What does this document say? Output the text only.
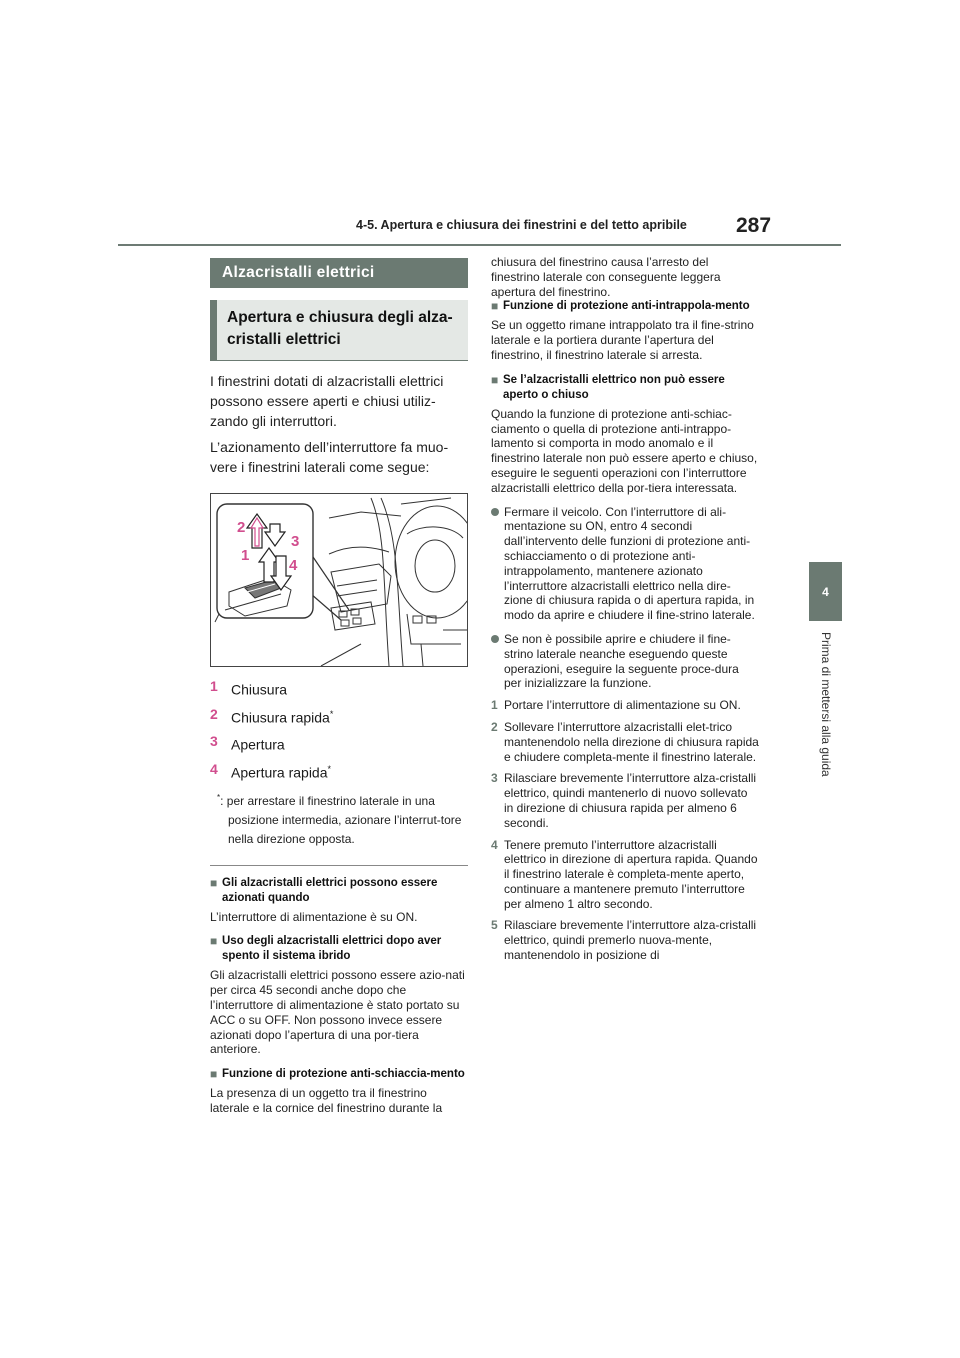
4-5. Apertura e chiusura dei finestrini e del tetto apribile 287
4
Prima di mettersi alla guida
Alzacristalli elettrici
Apertura e chiusura degli alza-cristalli elettrici

I finestrini dotati di alzacristalli elettrici possono essere aperti e chiusi utiliz-zando gli interruttori.

L’azionamento dell’interruttore fa muo-vere i finestrini laterali come segue:

2
3
1
4
1 Chiusura
2 Chiusura rapida*
3 Apertura
4 Apertura rapida*
*: per arrestare il finestrino laterale in una posizione intermedia, azionare l’interrut-tore nella direzione opposta.
■ Gli alzacristalli elettrici possono essere azionati quando
L’interruttore di alimentazione è su ON.
■ Uso degli alzacristalli elettrici dopo aver spento il sistema ibrido
Gli alzacristalli elettrici possono essere azio-nati per circa 45 secondi anche dopo che l’interruttore di alimentazione è stato portato su ACC o su OFF. Non possono invece essere azionati dopo l’apertura di una por-tiera anteriore.
■ Funzione di protezione anti-schiaccia-mento
La presenza di un oggetto tra il finestrino laterale e la cornice del finestrino durante la
chiusura del finestrino causa l’arresto del finestrino laterale con conseguente leggera apertura del finestrino.
■ Funzione di protezione anti-intrappola-mento
Se un oggetto rimane intrappolato tra il fine-strino laterale e la portiera durante l’apertura del finestrino, il finestrino laterale si arresta.
■ Se l’alzacristalli elettrico non può essere aperto o chiuso
Quando la funzione di protezione anti-schiac-ciamento o quella di protezione anti-intrappo-lamento si comporta in modo anomalo e il finestrino laterale non può essere aperto e chiuso, eseguire le seguenti operazioni con l’interruttore alzacristalli elettrico della por-tiera interessata.
Fermare il veicolo. Con l’interruttore di ali-mentazione su ON, entro 4 secondi dall’intervento delle funzioni di protezione anti-schiacciamento o di protezione anti-intrappolamento, mantenere azionato l’interruttore alzacristalli elettrico nella dire-zione di chiusura rapida o di apertura rapida, in modo da aprire e chiudere il fine-strino laterale.
Se non è possibile aprire e chiudere il fine-strino laterale neanche eseguendo queste operazioni, eseguire la seguente proce-dura per inizializzare la funzione.
1 Portare l’interruttore di alimentazione su ON.
2 Sollevare l’interruttore alzacristalli elet-trico mantenendolo nella direzione di chiusura rapida e chiudere completa-mente il finestrino laterale.
3 Rilasciare brevemente l’interruttore alza-cristalli elettrico, quindi mantenerlo di nuovo sollevato in direzione di chiusura rapida per almeno 6 secondi.
4 Tenere premuto l’interruttore alzacristalli elettrico in direzione di apertura rapida. Quando il finestrino laterale è completa-mente aperto, continuare a mantenere premuto l’interruttore per almeno 1 altro secondo.
5 Rilasciare brevemente l’interruttore alza-cristalli elettrico, quindi premerlo nuova-mente, mantenendolo in posizione di
